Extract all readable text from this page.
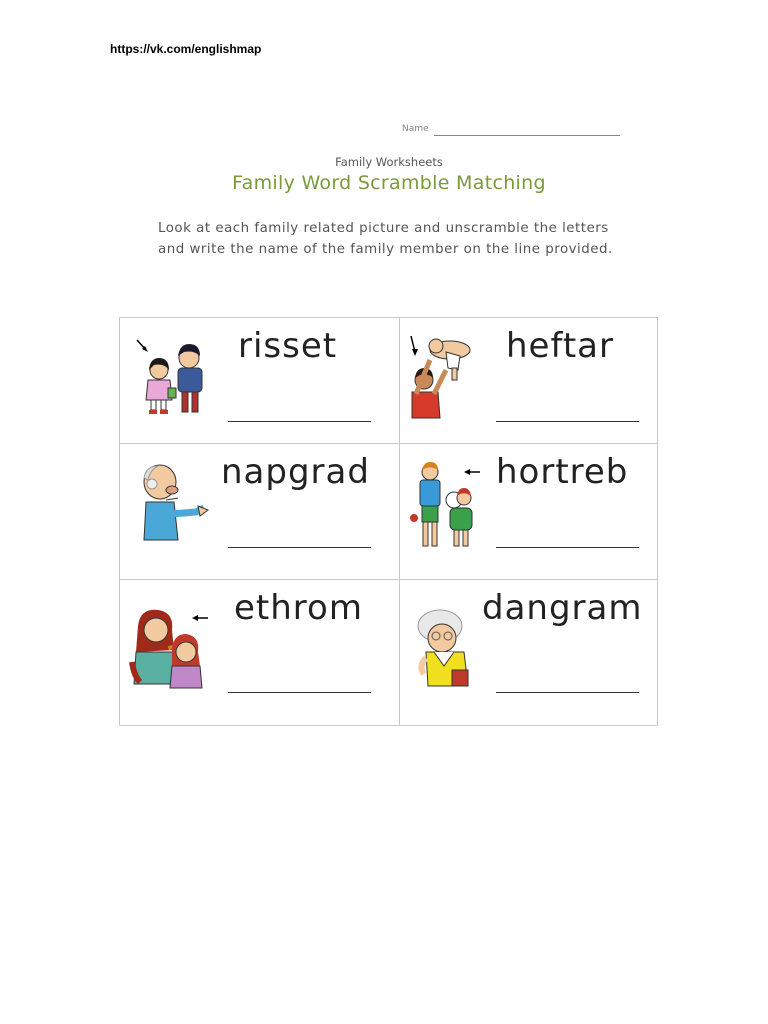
https://vk.com/englishmap
Name
Family Worksheets
Family Word Scramble Matching
Look at each family related picture and unscramble the letters and write the name of the family member on the line provided.
risset	heftar
napgrad	hortreb
ethrom	dangram
